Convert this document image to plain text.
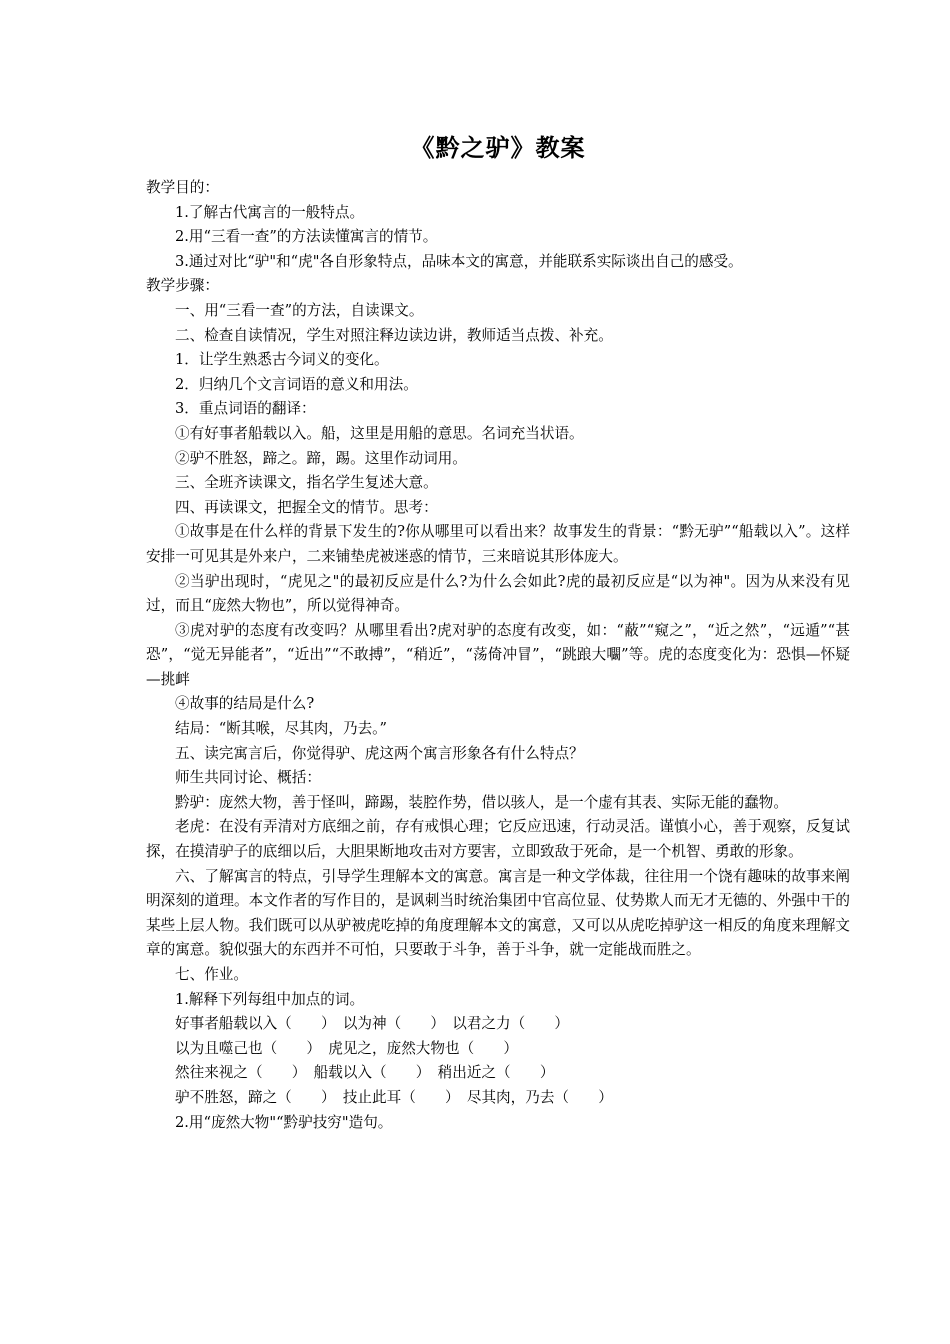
《黔之驴》教案

教学目的：

1.了解古代寓言的一般特点。

2.用“三看一查”的方法读懂寓言的情节。

3.通过对比“驴"和“虎"各自形象特点，品味本文的寓意，并能联系实际谈出自己的感受。

教学步骤：

一、用“三看一查”的方法，自读课文。

二、检查自读情况，学生对照注释边读边讲，教师适当点拨、补充。

1．让学生熟悉古今词义的变化。

2．归纳几个文言词语的意义和用法。

3．重点词语的翻译：

①有好事者船载以入。船，这里是用船的意思。名词充当状语。

②驴不胜怒，蹄之。蹄，踢。这里作动词用。

三、全班齐读课文，指名学生复述大意。

四、再读课文，把握全文的情节。思考：

①故事是在什么样的背景下发生的?你从哪里可以看出来？故事发生的背景：“黔无驴”“船载以入”。这样安排一可见其是外来户，二来铺垫虎被迷惑的情节，三来暗说其形体庞大。

②当驴出现时，“虎见之"的最初反应是什么?为什么会如此?虎的最初反应是“以为神"。因为从来没有见过，而且“庞然大物也”，所以觉得神奇。

③虎对驴的态度有改变吗？从哪里看出?虎对驴的态度有改变，如：“蔽”“窥之”，“近之然”，“远遁”“甚恐”，“觉无异能者”，“近出”“不敢搏”，“稍近”，“荡倚冲冒”，“跳踉大㘚”等。虎的态度变化为：恐惧—怀疑—挑衅

④故事的结局是什么?

结局：“断其喉，尽其肉，乃去。”

五、读完寓言后，你觉得驴、虎这两个寓言形象各有什么特点？

师生共同讨论、概括：

黔驴：庞然大物，善于怪叫，蹄踢，装腔作势，借以骇人，是一个虚有其表、实际无能的蠢物。

老虎：在没有弄清对方底细之前，存有戒惧心理；它反应迅速，行动灵活。谨慎小心，善于观察，反复试探，在摸清驴子的底细以后，大胆果断地攻击对方要害，立即致敌于死命，是一个机智、勇敢的形象。

六、了解寓言的特点，引导学生理解本文的寓意。寓言是一种文学体裁，往往用一个饶有趣味的故事来阐明深刻的道理。本文作者的写作目的，是讽刺当时统治集团中官高位显、仗势欺人而无才无德的、外强中干的某些上层人物。我们既可以从驴被虎吃掉的角度理解本文的寓意，又可以从虎吃掉驴这一相反的角度来理解文章的寓意。貌似强大的东西并不可怕，只要敢于斗争，善于斗争，就一定能战而胜之。

七、作业。

1.解释下列每组中加点的词。

好事者船载以入（　　）　以为神（　　）　以君之力（　　）

以为且噬己也（　　）　虎见之，庞然大物也（　　）

然往来视之（　　）　船载以入（　　）　稍出近之（　　）

驴不胜怒，蹄之（　　）　技止此耳（　　）　尽其肉，乃去（　　）

2.用“庞然大物"“黔驴技穷"造句。
